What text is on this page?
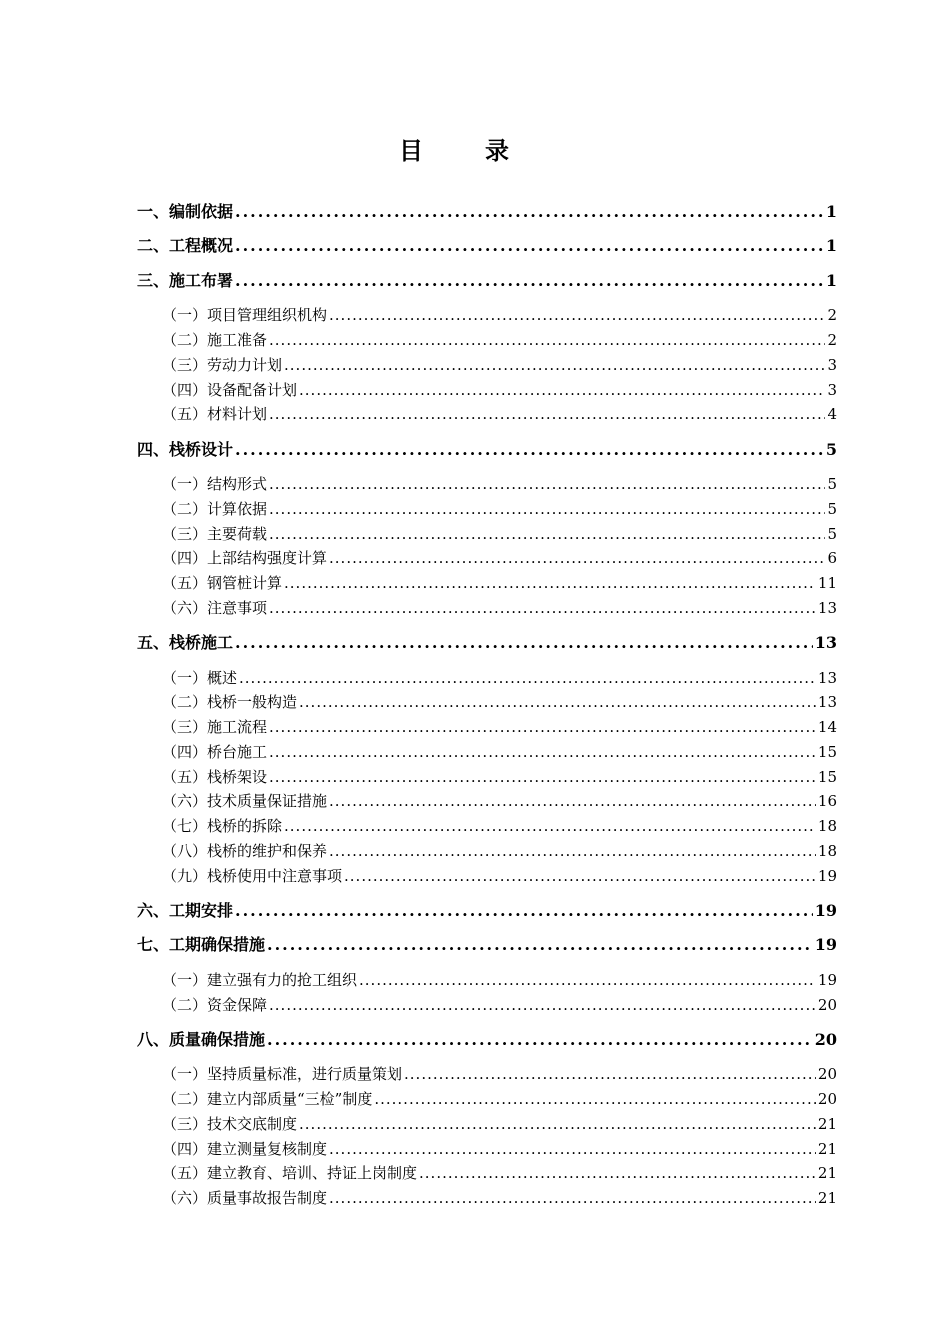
目录
一、编制依据 .....	1
二、工程概况 .....	1
三、施工布署 .....	1
（一）项目管理组织机构 .....	2
（二）施工准备 .....	2
（三）劳动力计划 .....	3
（四）设备配备计划 .....	3
（五）材料计划 .....	4
四、栈桥设计 .....	5
（一）结构形式 .....	5
（二）计算依据 .....	5
（三）主要荷载 .....	5
（四）上部结构强度计算 .....	6
（五）钢管桩计算 .....	11
（六）注意事项 .....	13
五、栈桥施工 .....	13
（一）概述 .....	13
（二）栈桥一般构造 .....	13
（三）施工流程 .....	14
（四）桥台施工 .....	15
（五）栈桥架设 .....	15
（六）技术质量保证措施 .....	16
（七）栈桥的拆除 .....	18
（八）栈桥的维护和保养 .....	18
（九）栈桥使用中注意事项 .....	19
六、工期安排 .....	19
七、工期确保措施 .....	19
（一）建立强有力的抢工组织 .....	19
（二）资金保障 .....	20
八、质量确保措施 .....	20
（一）坚持质量标准，进行质量策划 .....	20
（二）建立内部质量“三检”制度 .....	20
（三）技术交底制度 .....	21
（四）建立测量复核制度 .....	21
（五）建立教育、培训、持证上岗制度 .....	21
（六）质量事故报告制度 .....	21
